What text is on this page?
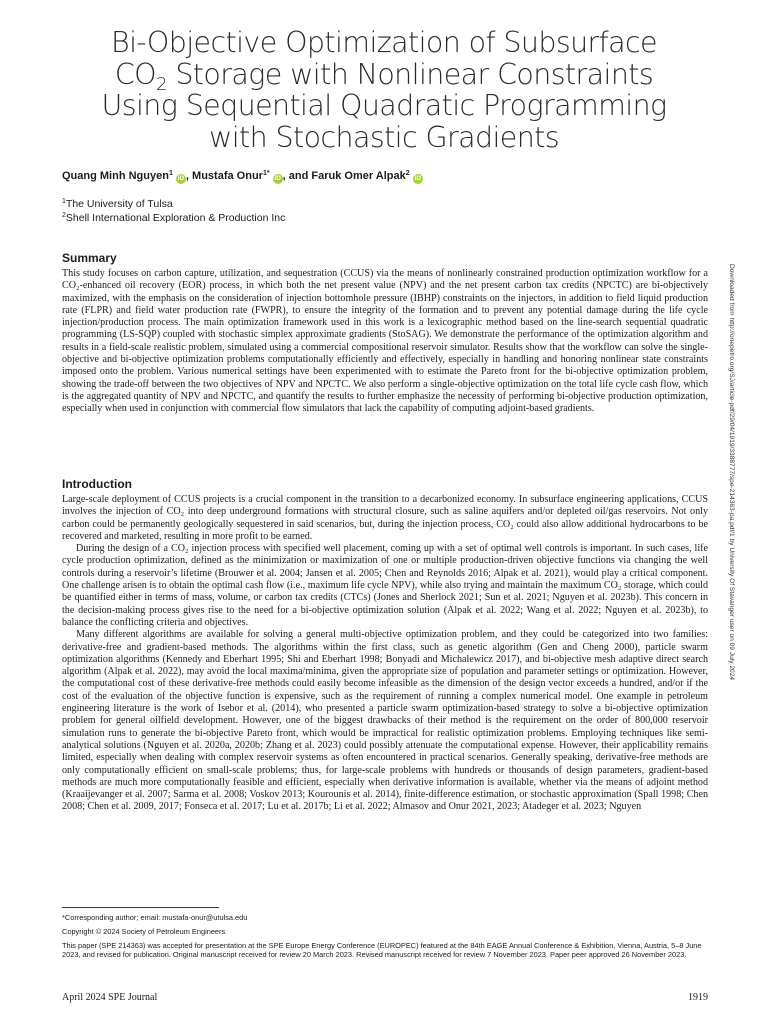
Bi-Objective Optimization of Subsurface
$CO_2$ Storage with Nonlinear Constraints
Using Sequential Quadratic Programming
with Stochastic Gradients
Quang Minh Nguyen$^1$ iD , Mustafa Onur$^{1*}$ iD , and Faruk Omer Alpak$^2$ iD
$^1$The University of Tulsa
$^2$Shell International Exploration & Production Inc
Summary

This study focuses on carbon capture, utilization, and sequestration (CCUS) via the means of nonlinearly constrained production optimization workflow for a CO₂-enhanced oil recovery (EOR) process, in which both the net present value (NPV) and the net present carbon tax credits (NPCTC) are bi-objectively maximized, with the emphasis on the consideration of injection bottomhole pressure (IBHP) constraints on the injectors, in addition to field liquid production rate (FLPR) and field water production rate (FWPR), to ensure the integrity of the formation and to prevent any potential damage during the life cycle injection/production process. The main optimization framework used in this work is a lexicographic method based on the line-search sequential quadratic programming (LS-SQP) coupled with stochastic simplex approximate gradients (StoSAG). We demonstrate the performance of the optimization algorithm and results in a field-scale realistic problem, simulated using a commercial compositional reservoir simulator. Results show that the workflow can solve the single-objective and bi-objective optimization problems computationally efficiently and effectively, especially in handling and honoring nonlinear state constraints imposed onto the problem. Various numerical settings have been experimented with to estimate the Pareto front for the bi-objective optimization problem, showing the trade-off between the two objectives of NPV and NPCTC. We also perform a single-objective optimization on the total life cycle cash flow, which is the aggregated quantity of NPV and NPCTC, and quantify the results to further emphasize the necessity of performing bi-objective production optimization, especially when used in conjunction with commercial flow simulators that lack the capability of computing adjoint-based gradients.

Introduction

Large-scale deployment of CCUS projects is a crucial component in the transition to a decarbonized economy. In subsurface engineering applications, CCUS involves the injection of CO₂ into deep underground formations with structural closure, such as saline aquifers and/or depleted oil/gas reservoirs. Not only carbon could be permanently geologically sequestered in said scenarios, but, during the injection process, CO₂ could also allow additional hydrocarbons to be recovered and marketed, resulting in more profit to be earned.

During the design of a CO₂ injection process with specified well placement, coming up with a set of optimal well controls is important. In such cases, life cycle production optimization, defined as the minimization or maximization of one or multiple production-driven objective functions via changing the well controls during a reservoir’s lifetime (Brouwer et al. 2004; Jansen et al. 2005; Chen and Reynolds 2016; Alpak et al. 2021), would play a critical component. One challenge arisen is to obtain the optimal cash flow (i.e., maximum life cycle NPV), while also trying and maintain the maximum CO₂ storage, which could be quantified either in terms of mass, volume, or carbon tax credits (CTCs) (Jones and Sherlock 2021; Sun et al. 2021; Nguyen et al. 2023b). This concern in the decision-making process gives rise to the need for a bi-objective optimization solution (Alpak et al. 2022; Wang et al. 2022; Nguyen et al. 2023b), to balance the conflicting criteria and objectives.

Many different algorithms are available for solving a general multi-objective optimization problem, and they could be categorized into two families: derivative-free and gradient-based methods. The algorithms within the first class, such as genetic algorithm (Gen and Cheng 2000), particle swarm optimization algorithms (Kennedy and Eberhart 1995; Shi and Eberhart 1998; Bonyadi and Michalewicz 2017), and bi-objective mesh adaptive direct search algorithm (Alpak et al. 2022), may avoid the local maxima/minima, given the appropriate size of population and parameter settings or optimization. However, the computational cost of these derivative-free methods could easily become infeasible as the dimension of the design vector exceeds a hundred, and/or if the cost of the evaluation of the objective function is expensive, such as the requirement of running a complex numerical model. One example in petroleum engineering literature is the work of Isebor et al. (2014), who presented a particle swarm optimization-based strategy to solve a bi-objective optimization problem for general oilfield development. However, one of the biggest drawbacks of their method is the requirement on the order of 800,000 reservoir simulation runs to generate the bi-objective Pareto front, which would be impractical for realistic optimization problems. Employing techniques like semi-analytical solutions (Nguyen et al. 2020a, 2020b; Zhang et al. 2023) could possibly attenuate the computational expense. However, their applicability remains limited, especially when dealing with complex reservoir systems as often encountered in practical scenarios. Generally speaking, derivative-free methods are only computationally efficient on small-scale problems; thus, for large-scale problems with hundreds or thousands of design parameters, gradient-based methods are much more computationally feasible and efficient, especially when derivative information is available, whether via the means of adjoint method (Kraaijevanger et al. 2007; Sarma et al. 2008; Voskov 2013; Kourounis et al. 2014), finite-difference estimation, or stochastic approximation (Spall 1998; Chen 2008; Chen et al. 2009, 2017; Fonseca et al. 2017; Lu et al. 2017b; Li et al. 2022; Almasov and Onur 2021, 2023; Atadeger et al. 2023; Nguyen

Downloaded from http://onepetro.org/SJ/article-pdf/29/04/1919/3388777/spe-214363-pa.pdf/1 by University Of Stavanger user on 09 July 2024
*Corresponding author; email: mustafa-onur@utulsa.edu
Copyright © 2024 Society of Petroleum Engineers
This paper (SPE 214363) was accepted for presentation at the SPE Europe Energy Conference (EUROPEC) featured at the 84th EAGE Annual Conference & Exhibition, Vienna, Austria, 5–8 June 2023, and revised for publication. Original manuscript received for review 20 March 2023. Revised manuscript received for review 7 November 2023. Paper peer approved 26 November 2023.
April 2024 SPE Journal	1919
